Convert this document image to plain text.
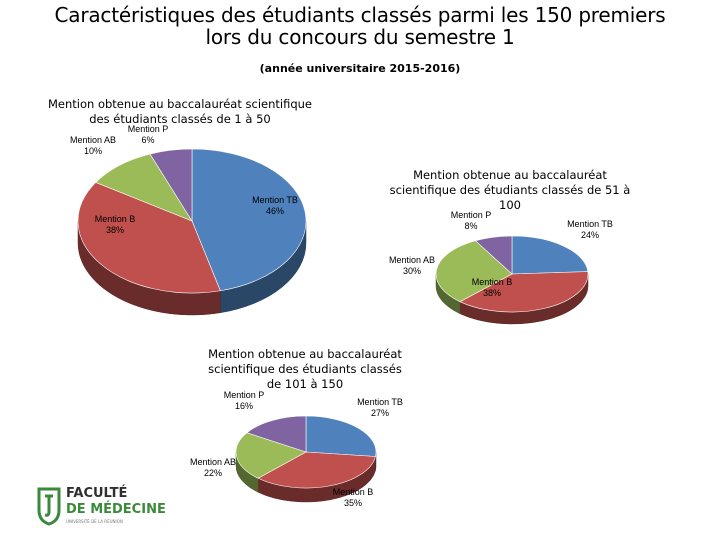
Caractéristiques des étudiants classés parmi les 150 premiers
lors du concours du semestre 1
(année universitaire 2015-2016)
Mention obtenue au baccalauréat scientifique
des étudiants classés de 1 à 50
Mention AB
10%
Mention P
6%
Mention TB
46%
Mention B
38%
Mention obtenue au baccalauréat
scientifique des étudiants classés de 51 à
100
Mention P
8%	Mention TB
24%
Mention AB
30%
Mention B
38%
Mention obtenue au baccalauréat
scientifique des étudiants classés
de 101 à 150
Mention P
16%	Mention TB
27%
Mention AB
22%
Mention B
35%
FACULTÉ
DE MÉDECINE
UNIVERSITÉ DE LA RÉUNION
